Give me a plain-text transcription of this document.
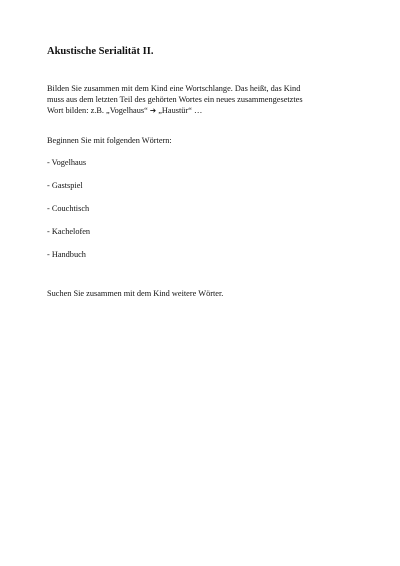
Akustische Serialität II.

Bilden Sie zusammen mit dem Kind eine Wortschlange. Das heißt, das Kind
muss aus dem letzten Teil des gehörten Wortes ein neues zusammengesetztes
Wort bilden: z.B. „Vogelhaus“ ➔ „Haustür“ …

Beginnen Sie mit folgenden Wörtern:

- Vogelhaus

- Gastspiel

- Couchtisch

- Kachelofen

- Handbuch

Suchen Sie zusammen mit dem Kind weitere Wörter.
